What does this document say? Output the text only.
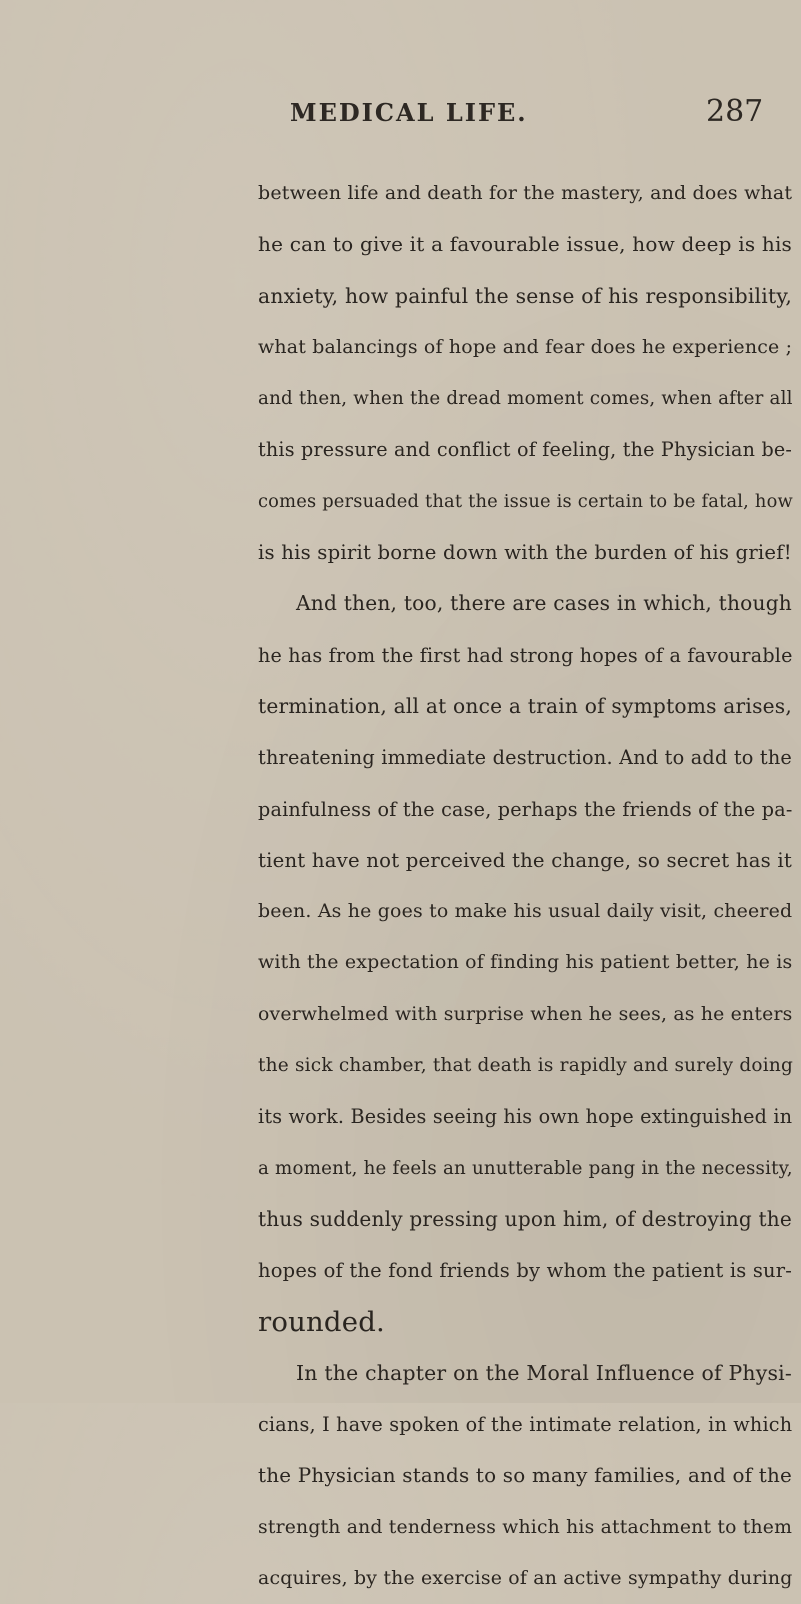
MEDICAL LIFE.	287
between life and death for the mastery, and does what
he can to give it a favourable issue, how deep is his
anxiety, how painful the sense of his responsibility,
what balancings of hope and fear does he experience ;
and then, when the dread moment comes, when after all
this pressure and conflict of feeling, the Physician be-
comes persuaded that the issue is certain to be fatal, how
is his spirit borne down with the burden of his grief!
And then, too, there are cases in which, though
he has from the first had strong hopes of a favourable
termination, all at once a train of symptoms arises,
threatening immediate destruction. And to add to the
painfulness of the case, perhaps the friends of the pa-
tient have not perceived the change, so secret has it
been. As he goes to make his usual daily visit, cheered
with the expectation of finding his patient better, he is
overwhelmed with surprise when he sees, as he enters
the sick chamber, that death is rapidly and surely doing
its work. Besides seeing his own hope extinguished in
a moment, he feels an unutterable pang in the necessity,
thus suddenly pressing upon him, of destroying the
hopes of the fond friends by whom the patient is sur-
rounded.
In the chapter on the Moral Influence of Physi-
cians, I have spoken of the intimate relation, in which
the Physician stands to so many families, and of the
strength and tenderness which his attachment to them
acquires, by the exercise of an active sympathy during
